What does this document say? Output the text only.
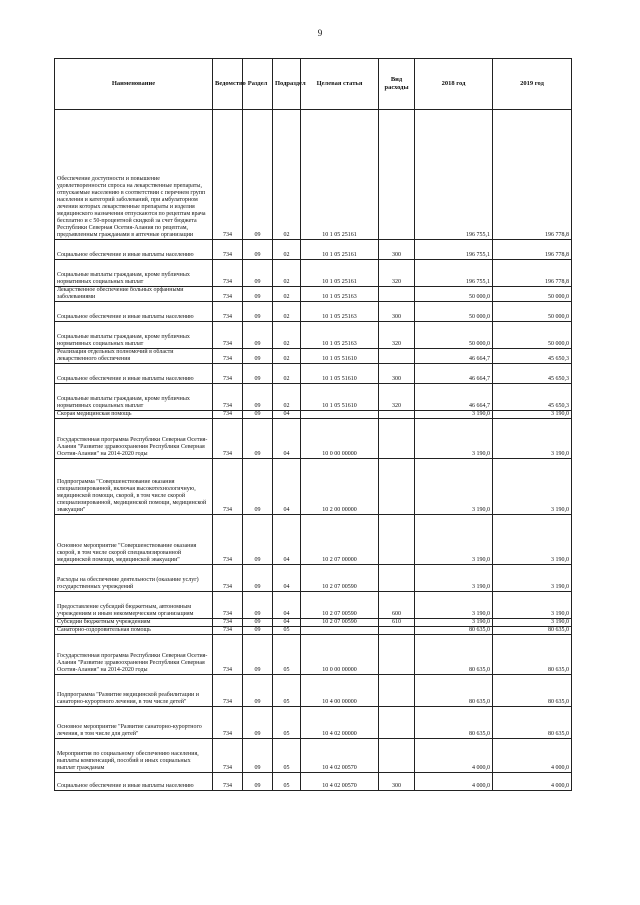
9
Наименование	Ведомство	Раздел	Подраздел	Целевая статья	Вид расходы	2018 год	2019 год
Обеспечение доступности и повышение удовлетворенности спроса на лекарственные препараты, отпускаемые населению в соответствии с перечнем групп населения и категорий заболеваний, при амбулаторном лечении которых лекарственные препараты и изделия медицинского назначения отпускаются по рецептам врача бесплатно и с 50-процентной скидкой за счет бюджета Республики Северная Осетия-Алания по рецептам, предъявленным гражданами в аптечные организации	734	09	02	10 1 05 25161		196 755,1	196 778,8
Социальное обеспечение и иные выплаты населению	734	09	02	10 1 05 25161	300	196 755,1	196 778,8
Социальные выплаты гражданам, кроме публичных нормативных социальных выплат	734	09	02	10 1 05 25161	320	196 755,1	196 778,8
Лекарственное обеспечение больных орфанными заболеваниями	734	09	02	10 1 05 25163		50 000,0	50 000,0
Социальное обеспечение и иные выплаты населению	734	09	02	10 1 05 25163	300	50 000,0	50 000,0
Социальные выплаты гражданам, кроме публичных нормативных социальных выплат	734	09	02	10 1 05 25163	320	50 000,0	50 000,0
Реализация отдельных полномочий в области лекарственного обеспечения	734	09	02	10 1 05 51610		46 664,7	45 650,3
Социальное обеспечение и иные выплаты населению	734	09	02	10 1 05 51610	300	46 664,7	45 650,3
Социальные выплаты гражданам, кроме публичных нормативных социальных выплат	734	09	02	10 1 05 51610	320	46 664,7	45 650,3
Скорая медицинская помощь	734	09	04			3 190,0	3 190,0
Государственная программа Республики Северная Осетия-Алания "Развитие здравоохранения Республики Северная Осетия-Алания" на 2014-2020 годы	734	09	04	10 0 00 00000		3 190,0	3 190,0
Подпрограмма "Совершенствование оказания специализированной, включая высокотехнологичную, медицинской помощи, скорой, в том числе скорой специализированной, медицинской помощи, медицинской эвакуации"	734	09	04	10 2 00 00000		3 190,0	3 190,0
Основное мероприятие "Совершенствование оказания скорой, в том числе скорой специализированной медицинской помощи, медицинской эвакуации"	734	09	04	10 2 07 00000		3 190,0	3 190,0
Расходы на обеспечение деятельности (оказание услуг) государственных учреждений	734	09	04	10 2 07 00590		3 190,0	3 190,0
Предоставление субсидий бюджетным, автономным учреждениям и иным некоммерческим организациям	734	09	04	10 2 07 00590	600	3 190,0	3 190,0
Субсидии бюджетным учреждениям	734	09	04	10 2 07 00590	610	3 190,0	3 190,0
Санаторно-оздоровительная помощь	734	09	05			80 635,0	80 635,0
Государственная программа Республики Северная Осетия-Алания "Развитие здравоохранения Республики Северная Осетия-Алания" на 2014-2020 годы	734	09	05	10 0 00 00000		80 635,0	80 635,0
Подпрограмма "Развитие медицинской реабилитации и санаторно-курортного лечения, в том числе детей"	734	09	05	10 4 00 00000		80 635,0	80 635,0
Основное мероприятие "Развитие санаторно-курортного лечения, в том числе для детей"	734	09	05	10 4 02 00000		80 635,0	80 635,0
Мероприятия по социальному обеспечению населения, выплаты компенсаций, пособий и иных социальных выплат гражданам	734	09	05	10 4 02 00570		4 000,0	4 000,0
Социальное обеспечение и иные выплаты населению	734	09	05	10 4 02 00570	300	4 000,0	4 000,0
